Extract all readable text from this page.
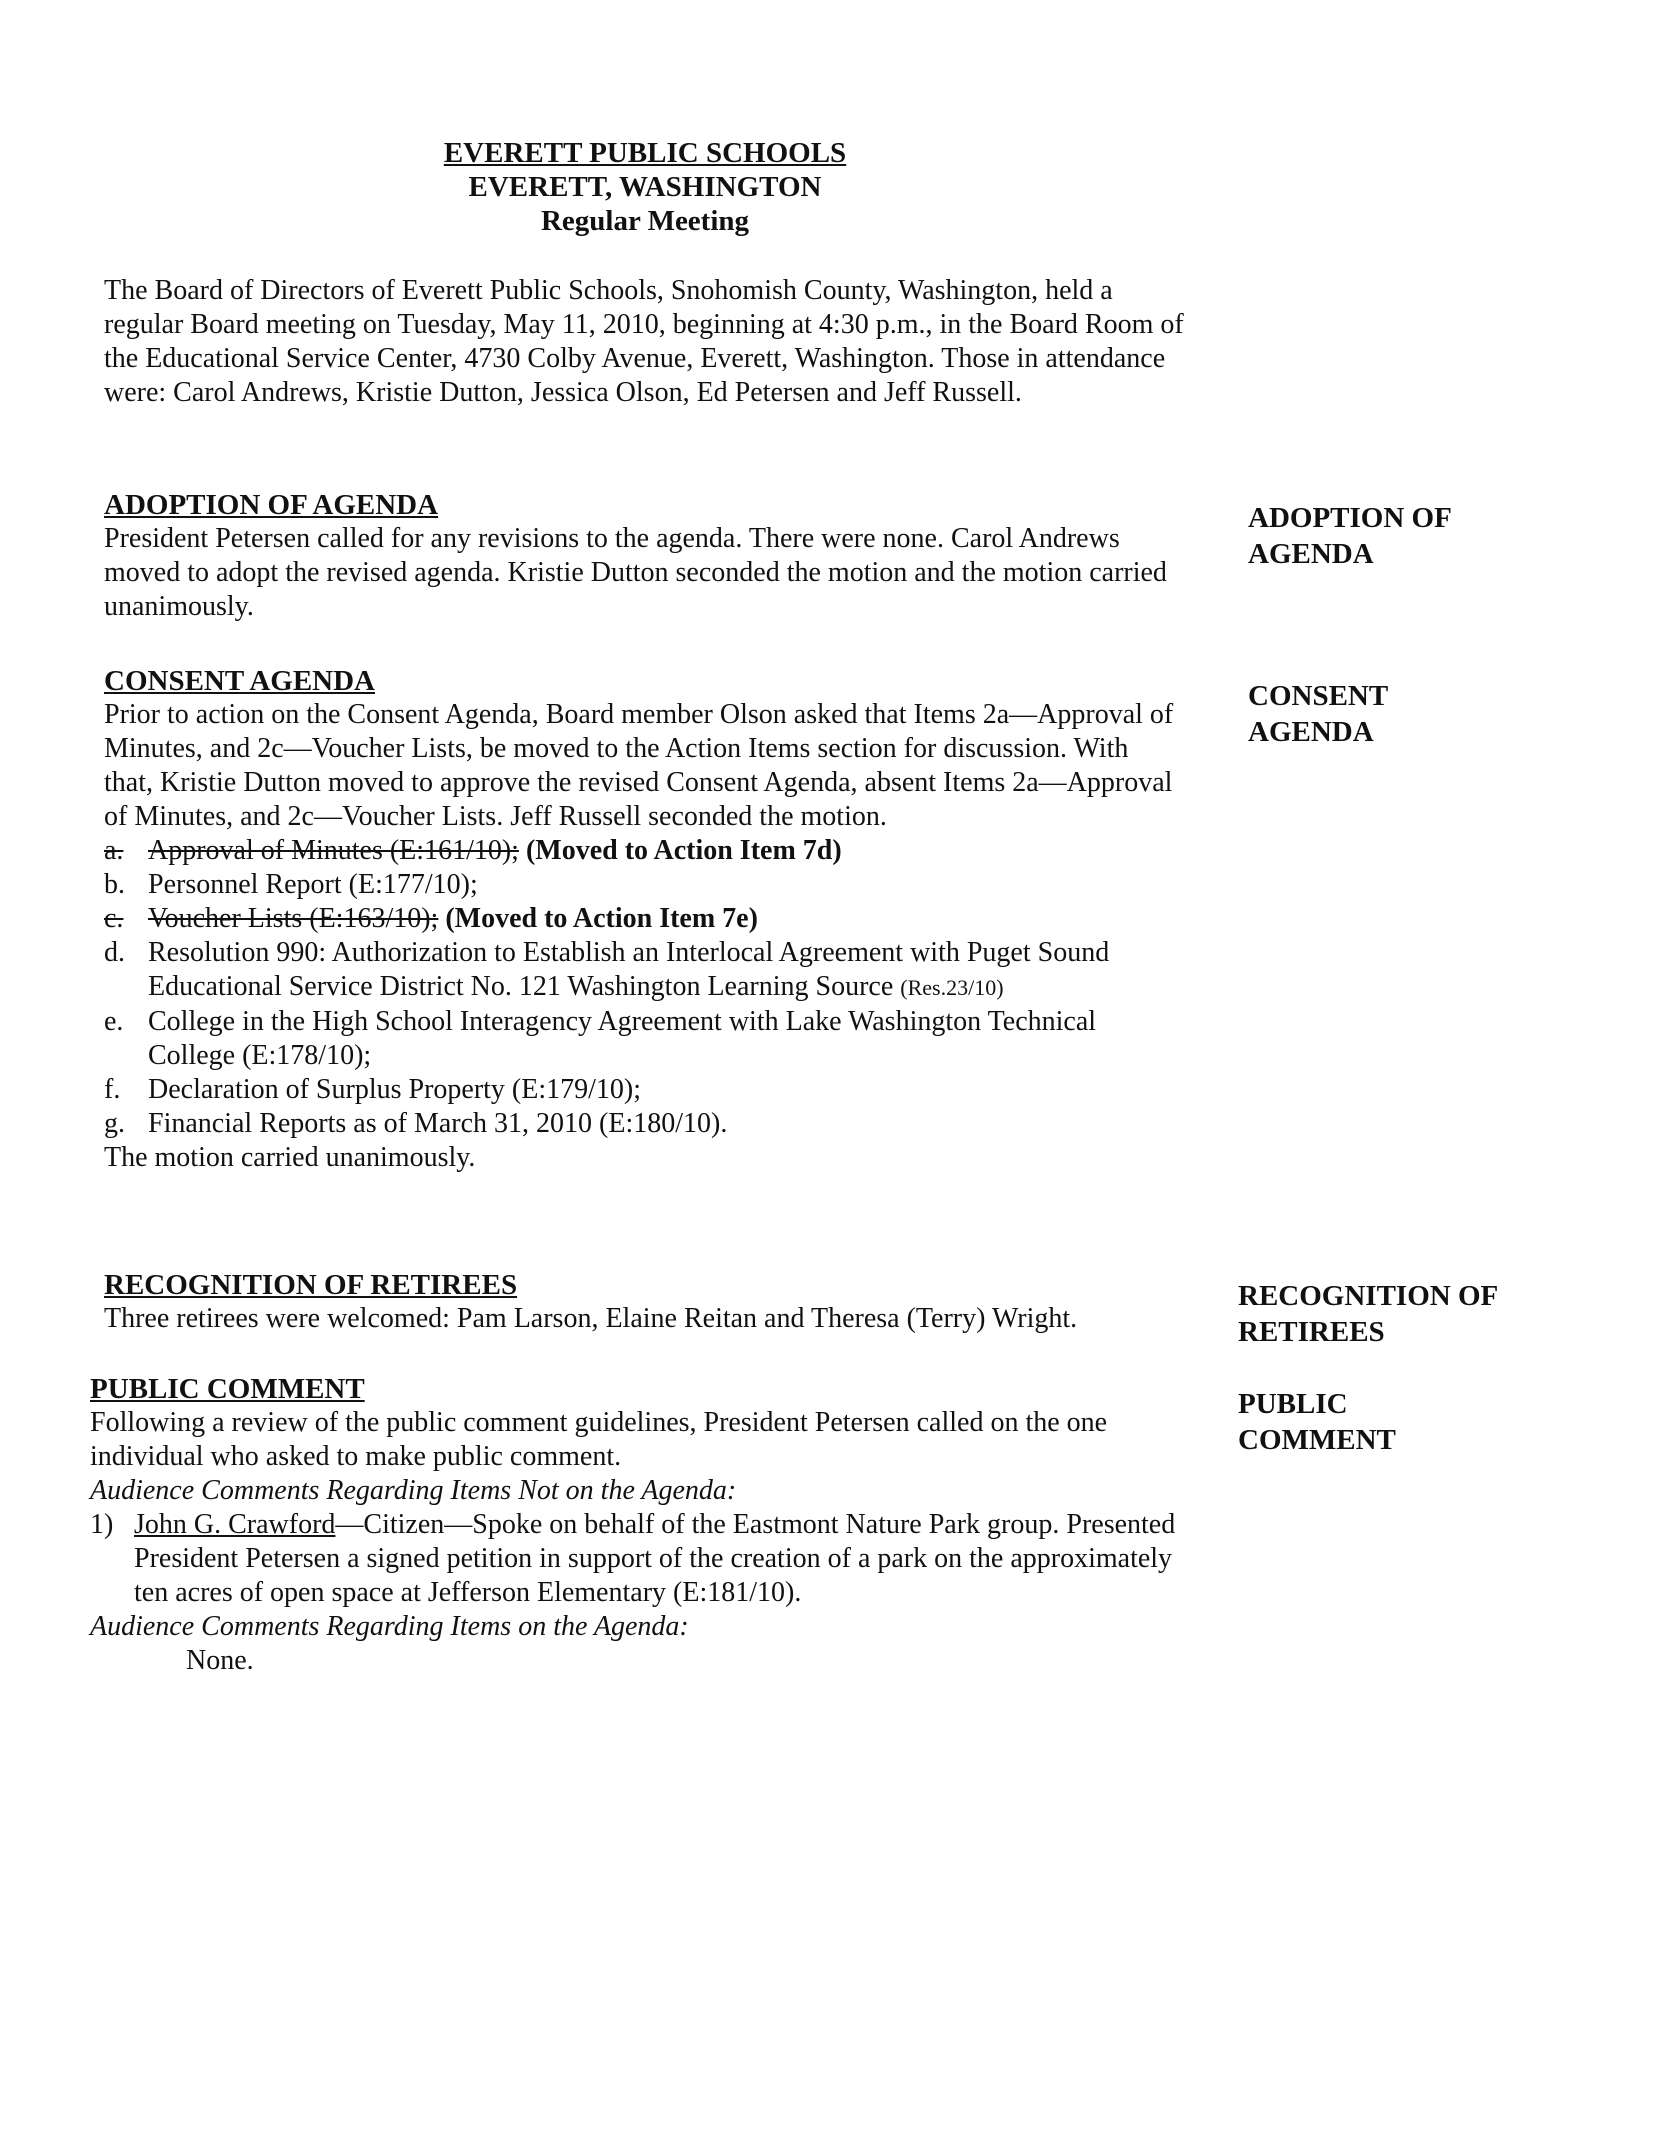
EVERETT PUBLIC SCHOOLS
EVERETT, WASHINGTON
Regular Meeting
The Board of Directors of Everett Public Schools, Snohomish County, Washington, held a regular Board meeting on Tuesday, May 11, 2010, beginning at 4:30 p.m., in the Board Room of the Educational Service Center, 4730 Colby Avenue, Everett, Washington. Those in attendance were: Carol Andrews, Kristie Dutton, Jessica Olson, Ed Petersen and Jeff Russell.
ADOPTION OF AGENDA
President Petersen called for any revisions to the agenda. There were none. Carol Andrews moved to adopt the revised agenda. Kristie Dutton seconded the motion and the motion carried unanimously.
ADOPTION OF
AGENDA
CONSENT AGENDA
Prior to action on the Consent Agenda, Board member Olson asked that Items 2a—Approval of Minutes, and 2c—Voucher Lists, be moved to the Action Items section for discussion. With that, Kristie Dutton moved to approve the revised Consent Agenda, absent Items 2a—Approval of Minutes, and 2c—Voucher Lists. Jeff Russell seconded the motion.
a. Approval of Minutes (E:161/10); (Moved to Action Item 7d)
b. Personnel Report (E:177/10);
c. Voucher Lists (E:163/10); (Moved to Action Item 7e)
d. Resolution 990: Authorization to Establish an Interlocal Agreement with Puget Sound Educational Service District No. 121 Washington Learning Source (Res.23/10)
e. College in the High School Interagency Agreement with Lake Washington Technical College (E:178/10);
f. Declaration of Surplus Property (E:179/10);
g. Financial Reports as of March 31, 2010 (E:180/10).
The motion carried unanimously.
CONSENT
AGENDA
RECOGNITION OF RETIREES
Three retirees were welcomed: Pam Larson, Elaine Reitan and Theresa (Terry) Wright.
RECOGNITION OF
RETIREES
PUBLIC COMMENT
Following a review of the public comment guidelines, President Petersen called on the one individual who asked to make public comment.
Audience Comments Regarding Items Not on the Agenda:
1) John G. Crawford—Citizen—Spoke on behalf of the Eastmont Nature Park group. Presented President Petersen a signed petition in support of the creation of a park on the approximately ten acres of open space at Jefferson Elementary (E:181/10).
Audience Comments Regarding Items on the Agenda:
None.
PUBLIC
COMMENT
